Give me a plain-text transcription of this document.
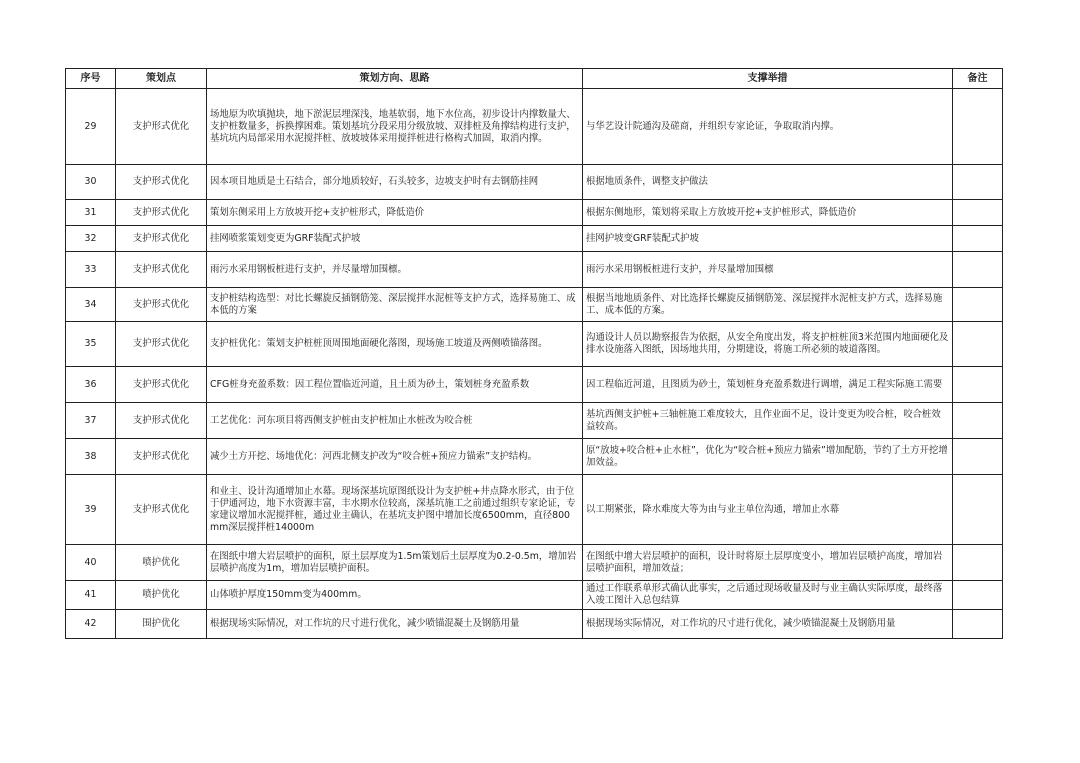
序号	策划点	策划方向、思路	支撑举措	备注
29	支护形式优化	场地原为吹填抛块，地下淤泥层埋深浅，地基软弱，地下水位高，初步设计内撑数量大、支护桩数量多，拆换撑困难。策划基坑分段采用分级放坡、双排桩及角撑结构进行支护，基坑坑内局部采用水泥搅拌桩、放坡坡体采用搅拌桩进行格构式加固，取消内撑。	与华艺设计院通沟及磋商，并组织专家论证，争取取消内撑。	
30	支护形式优化	因本项目地质是土石结合，部分地质较好，石头较多，边坡支护时有去钢筋挂网	根据地质条件，调整支护做法	
31	支护形式优化	策划东侧采用上方放坡开挖+支护桩形式，降低造价	根据东侧地形，策划将采取上方放坡开挖+支护桩形式，降低造价	
32	支护形式优化	挂网喷浆策划变更为GRF装配式护坡	挂网护坡变GRF装配式护坡	
33	支护形式优化	雨污水采用钢板桩进行支护，并尽量增加围檩。	雨污水采用钢板桩进行支护，并尽量增加围檩	
34	支护形式优化	支护桩结构选型：对比长螺旋反插钢筋笼、深层搅拌水泥桩等支护方式，选择易施工、成本低的方案	根据当地地质条件、对比选择长螺旋反插钢筋笼、深层搅拌水泥桩支护方式，选择易施工、成本低的方案。	
35	支护形式优化	支护桩优化：策划支护桩桩顶周围地面硬化落图，现场施工坡道及两侧喷锚落图。	沟通设计人员以勘察报告为依据，从安全角度出发，将支护桩桩顶3米范围内地面硬化及排水设施落入图纸，因场地共用，分期建设，将施工所必须的坡道落图。	
36	支护形式优化	CFG桩身充盈系数：因工程位置临近河道，且土质为砂土，策划桩身充盈系数	因工程临近河道，且图质为砂土，策划桩身充盈系数进行调增，满足工程实际施工需要	
37	支护形式优化	工艺优化：河东项目将西侧支护桩由支护桩加止水桩改为咬合桩	基坑西侧支护桩+三轴桩施工难度较大，且作业面不足，设计变更为咬合桩，咬合桩效益较高。	
38	支护形式优化	减少土方开挖、场地优化：河西北侧支护改为“咬合桩+预应力锚索”支护结构。	原“放坡+咬合桩+止水桩”，优化为“咬合桩+预应力锚索”增加配筋，节约了土方开挖增加效益。	
39	支护形式优化	和业主、设计沟通增加止水幕。现场深基坑原图纸设计为支护桩+井点降水形式，由于位于伊通河边，地下水资源丰富，丰水期水位较高，深基坑施工之前通过组织专家论证，专家建议增加水泥搅拌桩，通过业主确认，在基坑支护图中增加长度6500mm，直径800mm深层搅拌桩14000m	以工期紧张，降水难度大等为由与业主单位沟通，增加止水幕	
40	喷护优化	在图纸中增大岩层喷护的面积，原土层厚度为1.5m策划后土层厚度为0.2-0.5m，增加岩层喷护高度为1m，增加岩层喷护面积。	在图纸中增大岩层喷护的面积，设计时将原土层厚度变小，增加岩层喷护高度，增加岩层喷护面积，增加效益；	
41	喷护优化	山体喷护厚度150mm变为400mm。	通过工作联系单形式确认此事实，之后通过现场收量及时与业主确认实际厚度，最终落入竣工图计入总包结算	
42	围护优化	根据现场实际情况，对工作坑的尺寸进行优化，减少喷锚混凝土及钢筋用量	根据现场实际情况，对工作坑的尺寸进行优化，减少喷锚混凝土及钢筋用量	
